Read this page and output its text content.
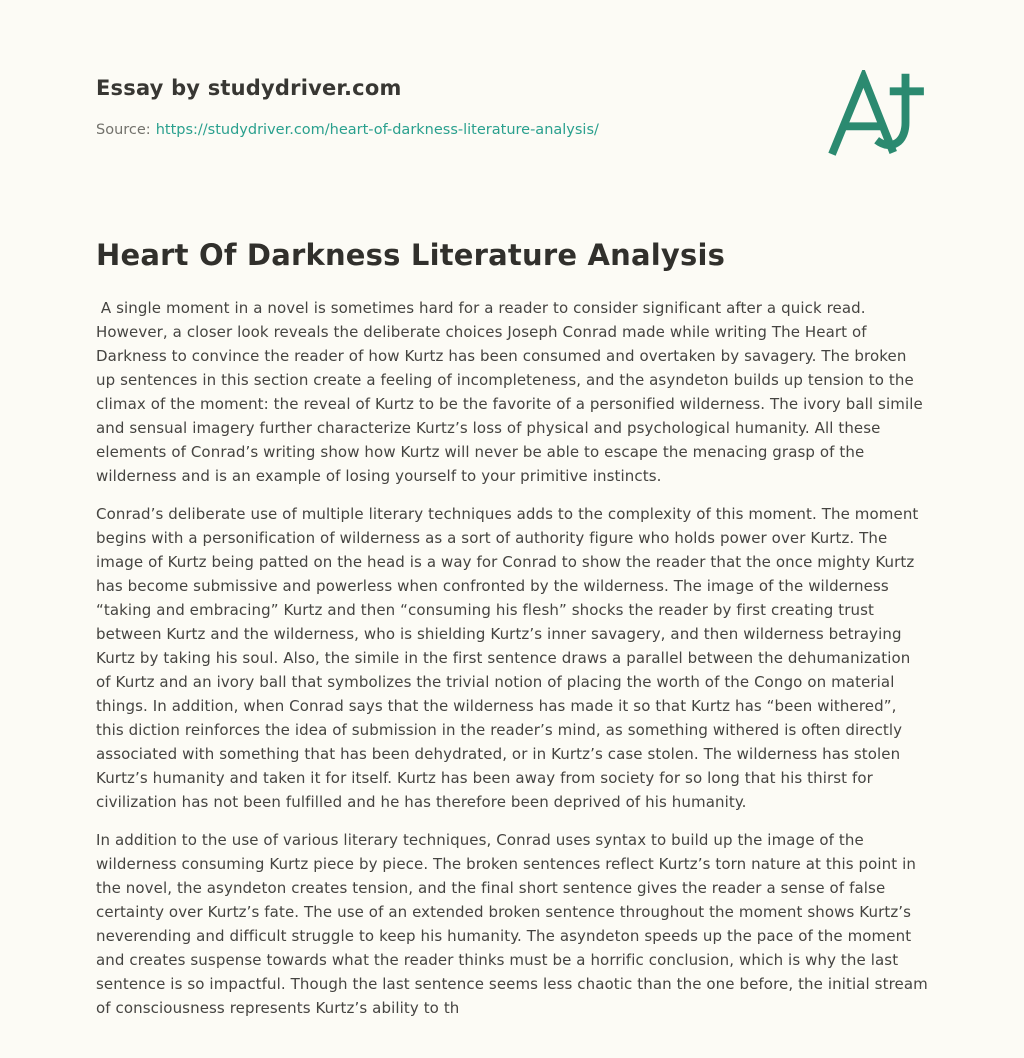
Essay by studydriver.com
Source: https://studydriver.com/heart-of-darkness-literature-analysis/
Heart Of Darkness Literature Analysis

A single moment in a novel is sometimes hard for a reader to consider significant after a quick read. However, a closer look reveals the deliberate choices Joseph Conrad made while writing The Heart of Darkness to convince the reader of how Kurtz has been consumed and overtaken by savagery. The broken up sentences in this section create a feeling of incompleteness, and the asyndeton builds up tension to the climax of the moment: the reveal of Kurtz to be the favorite of a personified wilderness. The ivory ball simile and sensual imagery further characterize Kurtz’s loss of physical and psychological humanity. All these elements of Conrad’s writing show how Kurtz will never be able to escape the menacing grasp of the wilderness and is an example of losing yourself to your primitive instincts.

Conrad’s deliberate use of multiple literary techniques adds to the complexity of this moment. The moment begins with a personification of wilderness as a sort of authority figure who holds power over Kurtz. The image of Kurtz being patted on the head is a way for Conrad to show the reader that the once mighty Kurtz has become submissive and powerless when confronted by the wilderness. The image of the wilderness “taking and embracing” Kurtz and then “consuming his flesh” shocks the reader by first creating trust between Kurtz and the wilderness, who is shielding Kurtz’s inner savagery, and then wilderness betraying Kurtz by taking his soul. Also, the simile in the first sentence draws a parallel between the dehumanization of Kurtz and an ivory ball that symbolizes the trivial notion of placing the worth of the Congo on material things. In addition, when Conrad says that the wilderness has made it so that Kurtz has “been withered”, this diction reinforces the idea of submission in the reader’s mind, as something withered is often directly associated with something that has been dehydrated, or in Kurtz’s case stolen. The wilderness has stolen Kurtz’s humanity and taken it for itself. Kurtz has been away from society for so long that his thirst for civilization has not been fulfilled and he has therefore been deprived of his humanity.

In addition to the use of various literary techniques, Conrad uses syntax to build up the image of the wilderness consuming Kurtz piece by piece. The broken sentences reflect Kurtz’s torn nature at this point in the novel, the asyndeton creates tension, and the final short sentence gives the reader a sense of false certainty over Kurtz’s fate. The use of an extended broken sentence throughout the moment shows Kurtz’s neverending and difficult struggle to keep his humanity. The asyndeton speeds up the pace of the moment and creates suspense towards what the reader thinks must be a horrific conclusion, which is why the last sentence is so impactful. Though the last sentence seems less chaotic than the one before, the initial stream of consciousness represents Kurtz’s ability to th
